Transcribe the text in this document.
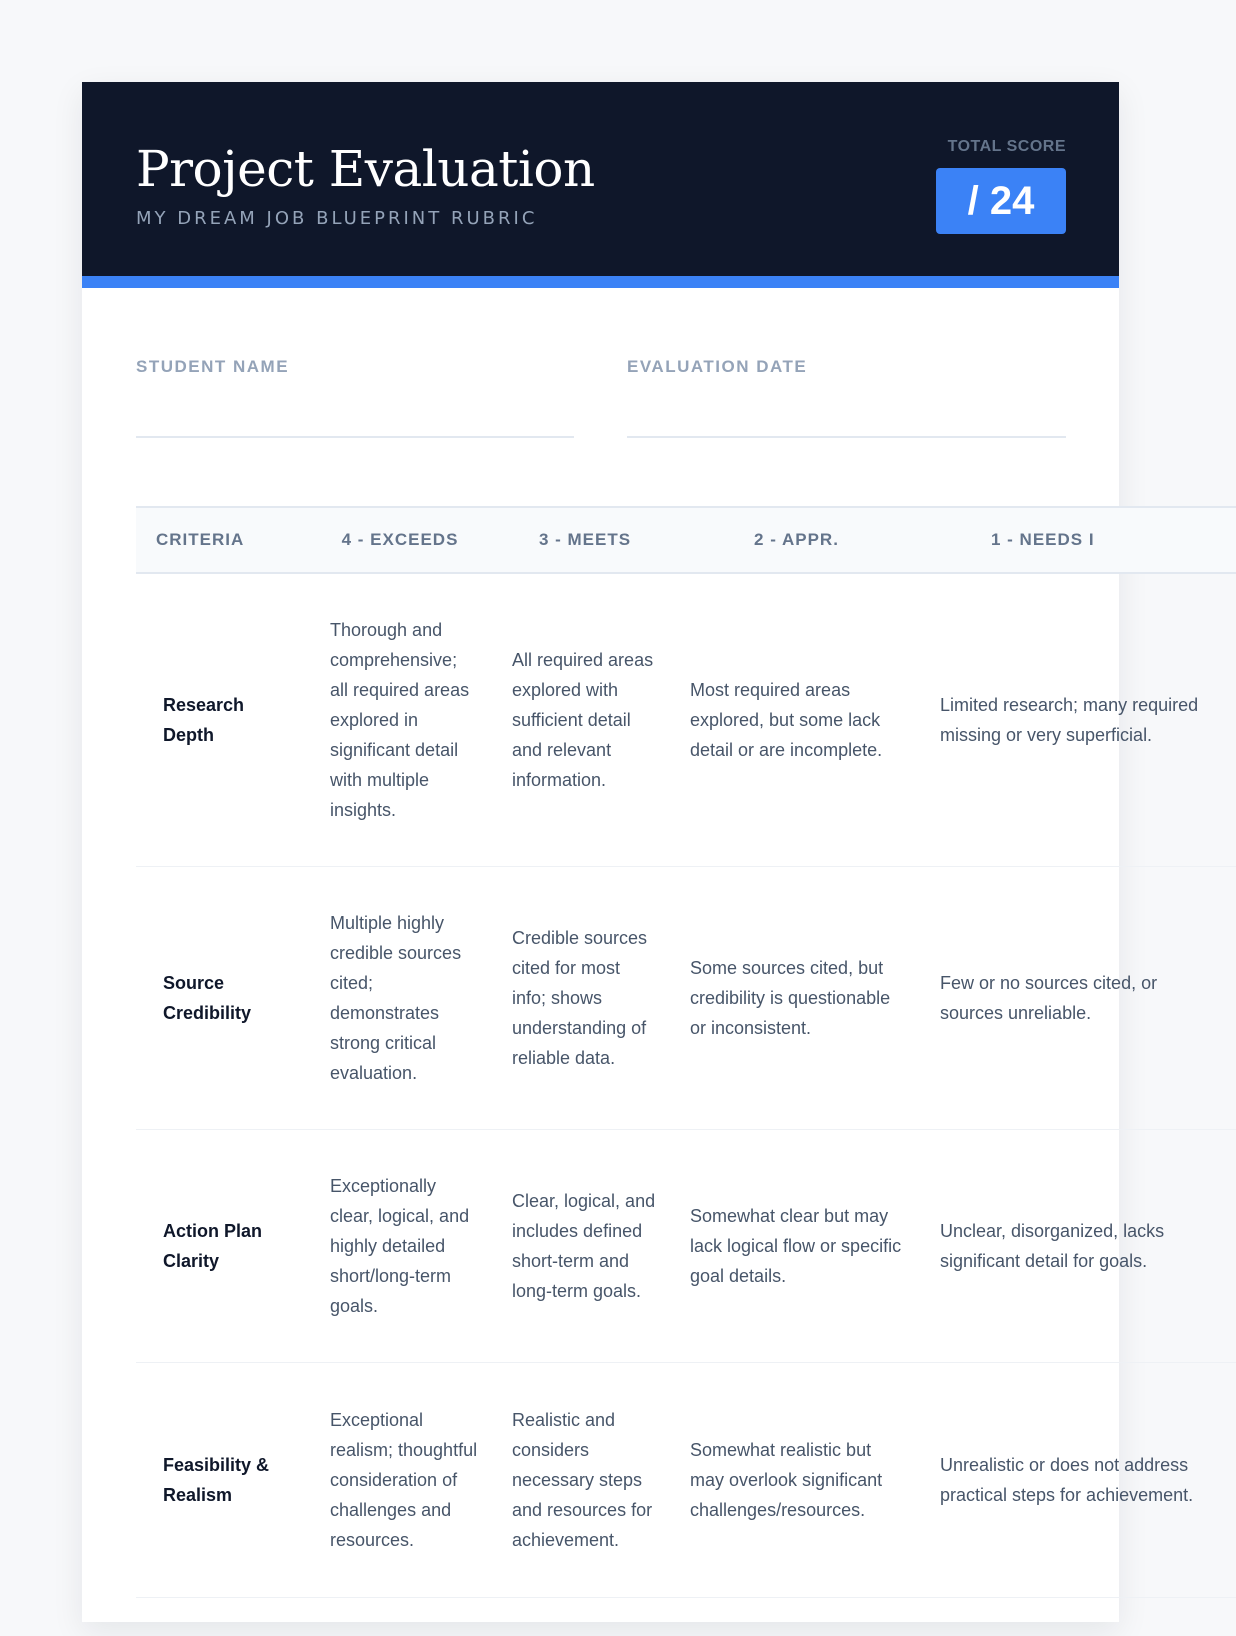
Project Evaluation
MY DREAM JOB BLUEPRINT RUBRIC
TOTAL SCORE
/ 24
STUDENT NAME	EVALUATION DATE
CRITERIA	4 - EXCEEDS	3 - MEETS	2 - APPR.	1 - NEEDS I
Research Depth	Thorough and comprehensive; all required areas explored in significant detail with multiple insights.	All required areas explored with sufficient detail and relevant information.	Most required areas explored, but some lack detail or are incomplete.	Limited research; many required missing or very superficial.
Source Credibility	Multiple highly credible sources cited; demonstrates strong critical evaluation.	Credible sources cited for most info; shows understanding of reliable data.	Some sources cited, but credibility is questionable or inconsistent.	Few or no sources cited, or sources unreliable.
Action Plan Clarity	Exceptionally clear, logical, and highly detailed short/long-term goals.	Clear, logical, and includes defined short-term and long-term goals.	Somewhat clear but may lack logical flow or specific goal details.	Unclear, disorganized, lacks significant detail for goals.
Feasibility & Realism	Exceptional realism; thoughtful consideration of challenges and resources.	Realistic and considers necessary steps and resources for achievement.	Somewhat realistic but may overlook significant challenges/resources.	Unrealistic or does not address practical steps for achievement.
